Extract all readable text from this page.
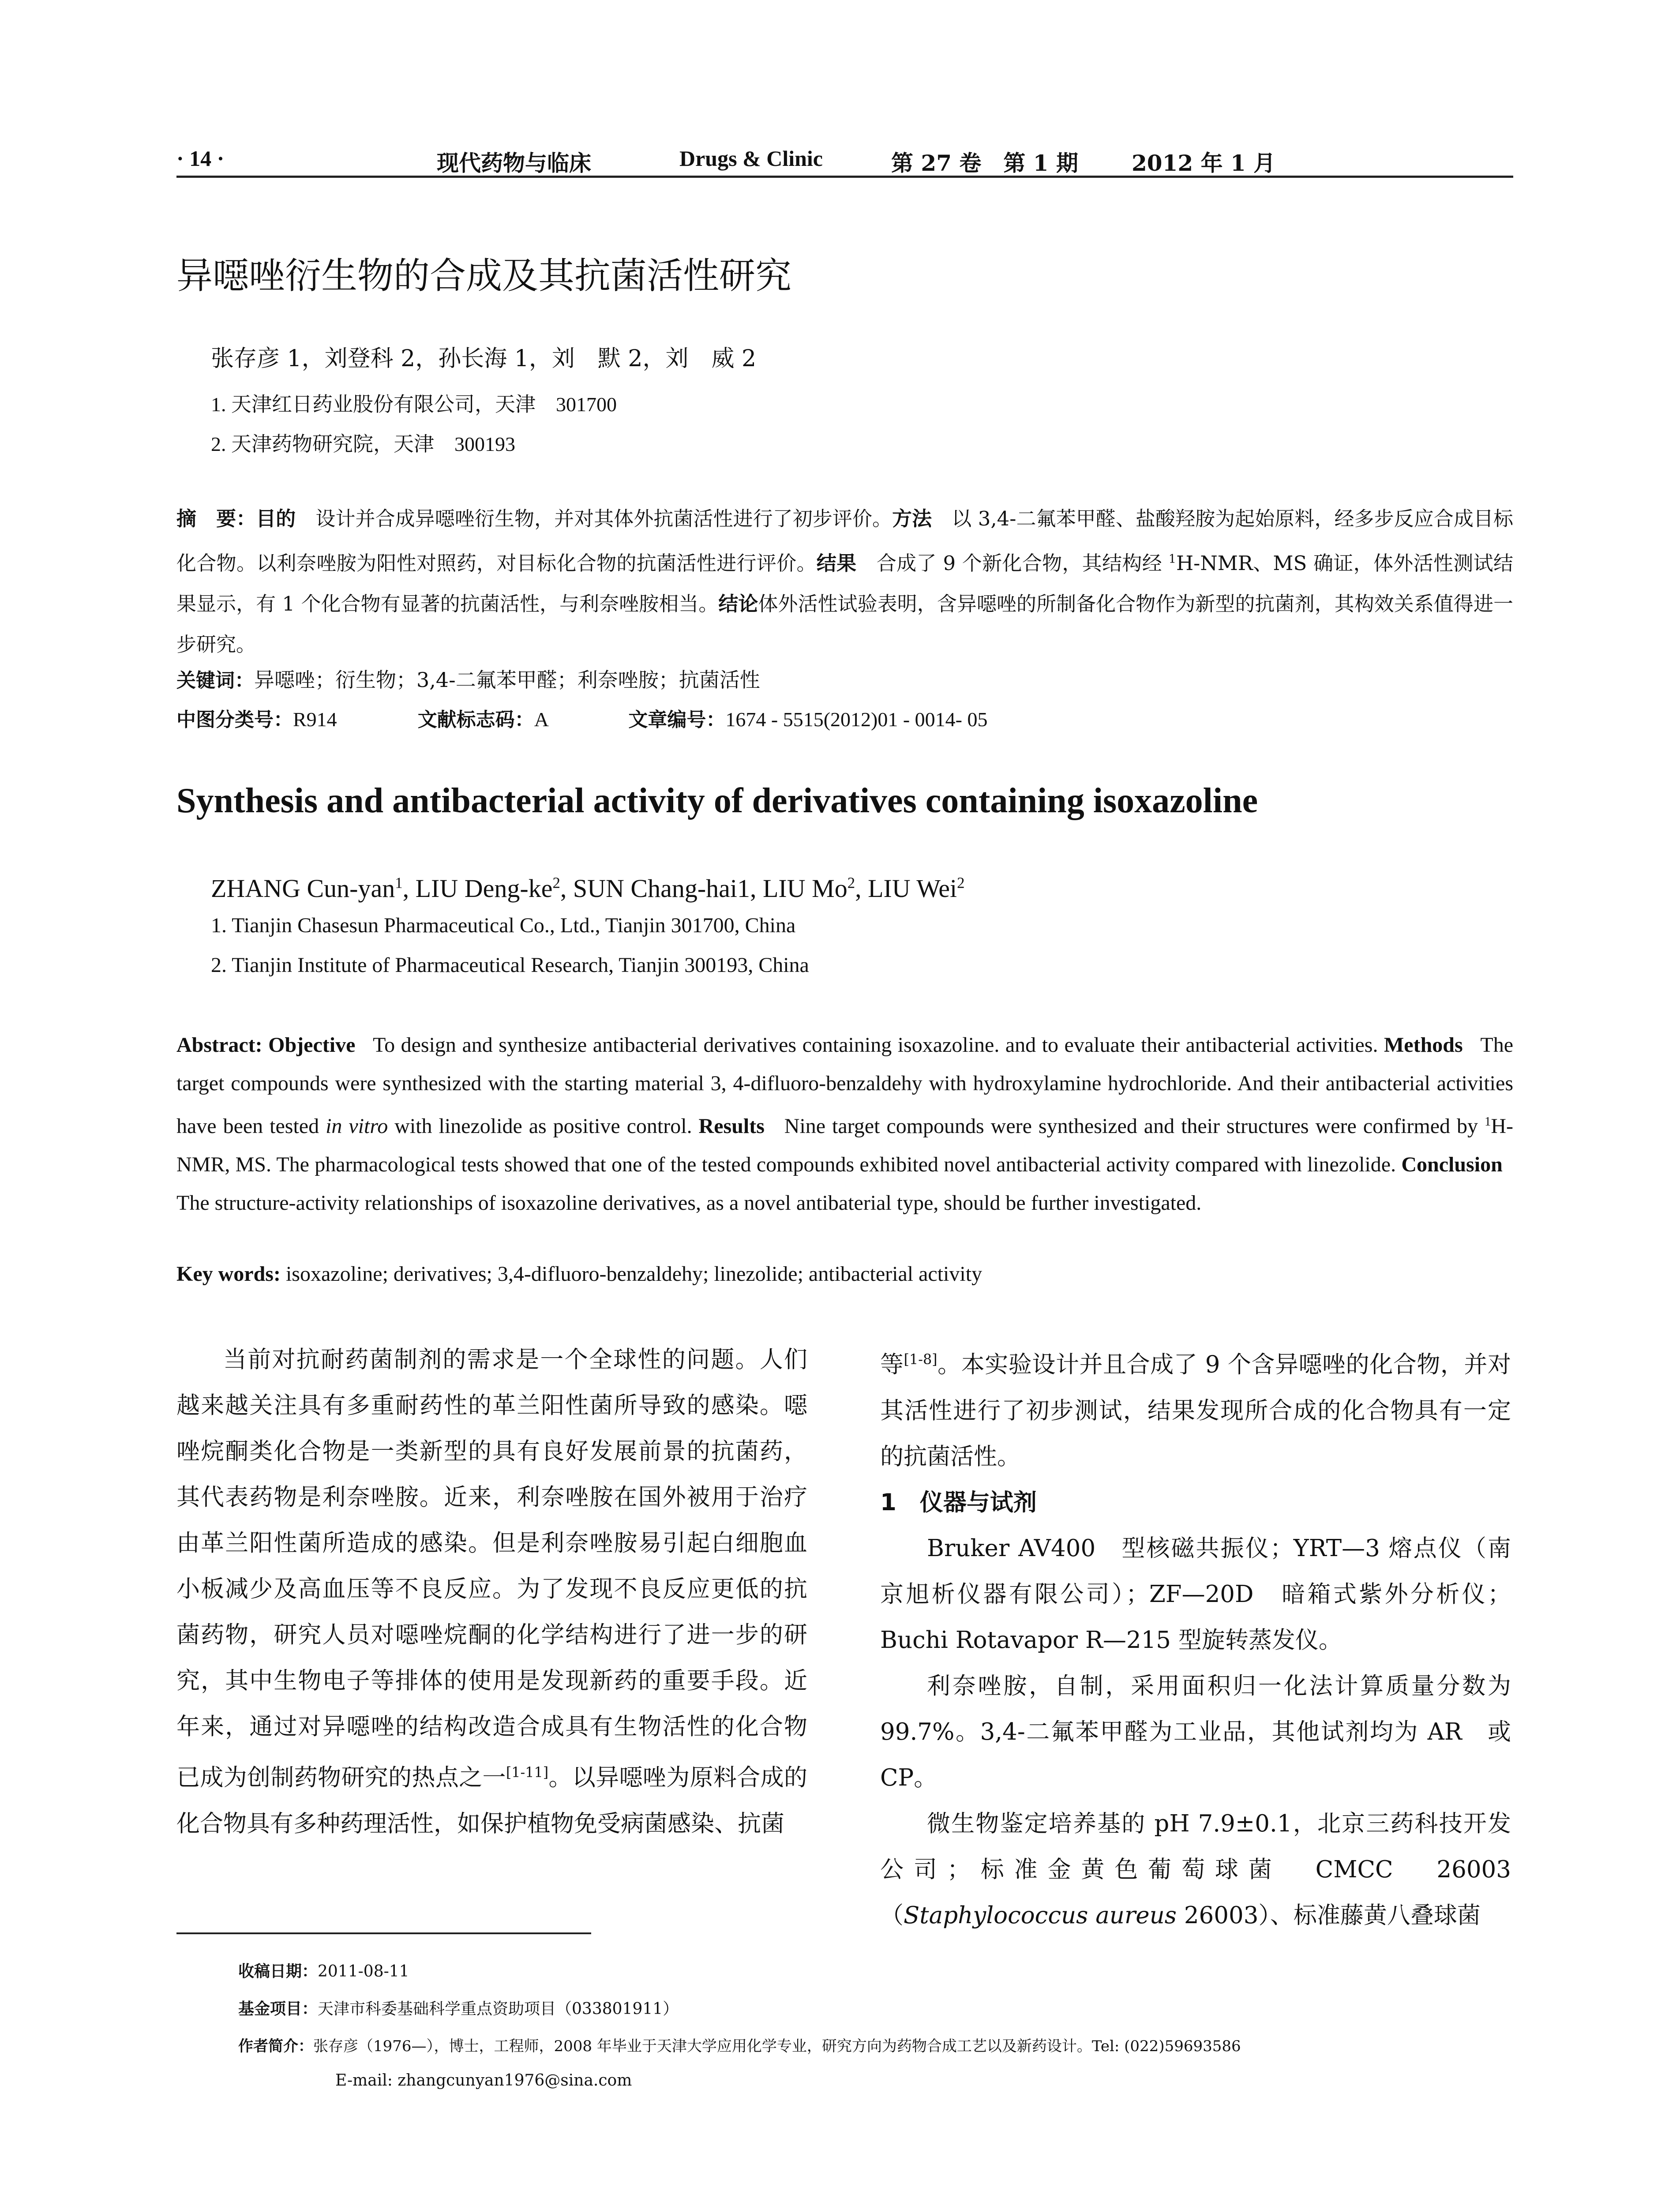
· 14 ·	现代药物与临床	Drugs & Clinic	第 27 卷　第 1 期 2012 年 1 月
异噁唑衍生物的合成及其抗菌活性研究
张存彦 1，刘登科 2，孙长海 1，刘　默 2，刘　威 2
1. 天津红日药业股份有限公司，天津　301700
2. 天津药物研究院，天津　300193
摘　要：目的　 设计并合成异噁唑衍生物，并对其体外抗菌活性进行了初步评价。方法　 以 3,4-二氟苯甲醛、盐酸羟胺为起始原料，经多步反应合成目标化合物。以利奈唑胺为阳性对照药，对目标化合物的抗菌活性进行评价。结果　 合成了 9 个新化合物，其结构经 $^1$H-NMR、MS 确证，体外活性测试结果显示，有 1 个化合物有显著的抗菌活性，与利奈唑胺相当。结论体外活性试验表明，含异噁唑的所制备化合物作为新型的抗菌剂，其构效关系值得进一步研究。
关键词：异噁唑；衍生物；3,4-二氟苯甲醛；利奈唑胺；抗菌活性
中图分类号：R914	文献标志码：A	文章编号：1674 - 5515(2012)01 - 0014- 05
Synthesis and antibacterial activity of derivatives containing isoxazoline
ZHANG Cun-yan$^1$, LIU Deng-$ke^2$, SUN Chang-hai1, LIU Mo$^2$, LIU Wei$^2$
1. Tianjin Chasesun Pharmaceutical Co., Ltd., Tianjin 301700, China
2. Tianjin Institute of Pharmaceutical Research, Tianjin 300193, China
Abstract: Objective To design and synthesize antibacterial derivatives containing isoxazoline. and to evaluate their antibacterial activities. Methods The target compounds were synthesized with the starting material 3, 4-difluoro-benzaldehy with hydroxylamine hydrochloride. And their antibacterial activities have been tested in vitro with linezolide as positive control. Results Nine target compounds were synthesized and their structures were confirmed by $^1$H-NMR, MS. The pharmacological tests showed that one of the tested compounds exhibited novel antibacterial activity compared with linezolide. Conclusion   The structure-activity relationships of isoxazoline derivatives, as a novel antibaterial type, should be further investigated.
Key words: isoxazoline; derivatives; 3,4-difluoro-benzaldehy; linezolide; antibacterial activity

当前对抗耐药菌制剂的需求是一个全球性的问题。人们越来越关注具有多重耐药性的革兰阳性菌所导致的感染。噁唑烷酮类化合物是一类新型的具有良好发展前景的抗菌药，其代表药物是利奈唑胺。近来，利奈唑胺在国外被用于治疗由革兰阳性菌所造成的感染。但是利奈唑胺易引起白细胞血小板减少及高血压等不良反应。为了发现不良反应更低的抗菌药物，研究人员对噁唑烷酮的化学结构进行了进一步的研究，其中生物电子等排体的使用是发现新药的重要手段。近年来，通过对异噁唑的结构改造合成具有生物活性的化合物已成为创制药物研究的热点之一[1-11]。以异噁唑为原料合成的化合物具有多种药理活性，如保护植物免受病菌感染、抗菌

等[1-8]。本实验设计并且合成了 9 个含异噁唑的化合物，并对其活性进行了初步测试，结果发现所合成的化合物具有一定的抗菌活性。

1　仪器与试剂

Bruker AV400　型核磁共振仪；YRT—3 熔点仪（南京旭析仪器有限公司）；ZF—20D　暗箱式紫外分析仪；Buchi Rotavapor R—215 型旋转蒸发仪。

利奈唑胺，自制，采用面积归一化法计算质量分数为 99.7%。3,4-二氟苯甲醛为工业品，其他试剂均为 AR　或 CP。

微生物鉴定培养基的 pH 7.9±0.1，北京三药科技开发公司；标准金黄色葡萄球菌　CMCC　26003（Staphylococcus aureus 26003）、标准藤黄八叠球菌

收稿日期：2011-08-11
基金项目：天津市科委基础科学重点资助项目（033801911）
作者简介：张存彦（1976—），博士，工程师，2008 年毕业于天津大学应用化学专业，研究方向为药物合成工艺以及新药设计。Tel: (022)59693586
E-mail: zhangcunyan1976@sina.com
